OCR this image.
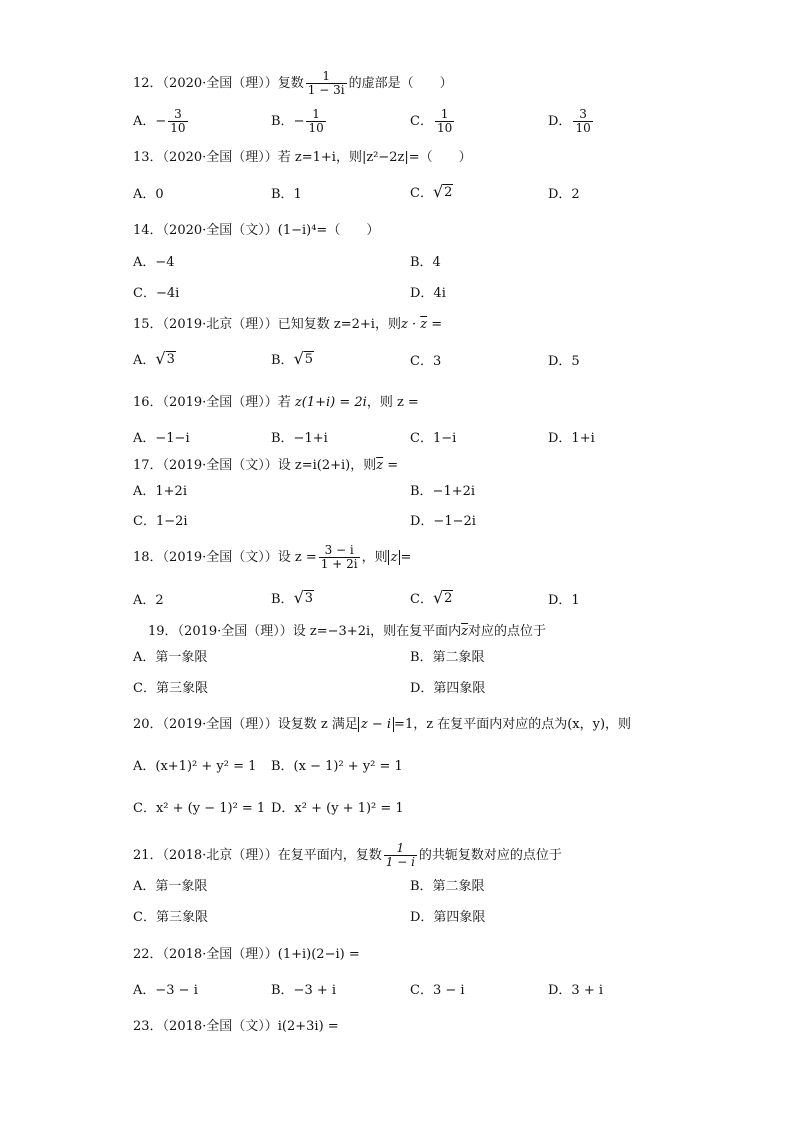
12．（2020·全国（理））复数 $\frac{1}{1 - 3i}$ 的虚部是（　　）
A．− $\frac{3}{10}$	B．− $\frac{1}{10}$	C． $\frac{1}{10}$	D． $\frac{3}{10}$
13．（2020·全国（理））若 z=1+i，则|z²−2z|=（　　）
A．0	B．1	C． √ 2	D．2
14．（2020·全国（文））(1−i)⁴=（　　）
A．−4	B．4
C．−4i	D．4i
15．（2019·北京（理））已知复数 z=2+i，则$z \cdot \overline{z}$ =
A． √ 3	B． √ 5	C．3	D．5
16．（2019·全国（理））若 z(1+i) = 2i，则 z =
A．−1−i	B．−1+i	C．1−i	D．1+i
17．（2019·全国（文））设 z=i(2+i)，则$\overline{z}$ =
A．1+2i	B．−1+2i
C．1−2i	D．−1−2i
18．（2019·全国（文））设 $z = \frac{3 - i}{1 + 2i}$ ，则 z =
A．2	B． √ 3	C． √ 2	D．1
19．（2019·全国（理））设 z=−3+2i，则在复平面内$\overline{z}$对应的点位于
A．第一象限	B．第二象限
C．第三象限	D．第四象限
20．（2019·全国（理））设复数 z 满足 z − i =1，z 在复平面内对应的点为(x，y)，则
A．(x+1)² + y² = 1 B．(x − 1)² + y² = 1
C．x² + (y − 1)² = 1 D．x² + (y + 1)² = 1
21．（2018·北京（理））在复平面内，复数 $\frac{1}{1 - i}$ 的共轭复数对应的点位于
A．第一象限	B．第二象限
C．第三象限	D．第四象限
22．（2018·全国（理））(1+i)(2−i) =
A．−3 − i	B．−3 + i	C．3 − i	D．3 + i
23．（2018·全国（文））i(2+3i) =
